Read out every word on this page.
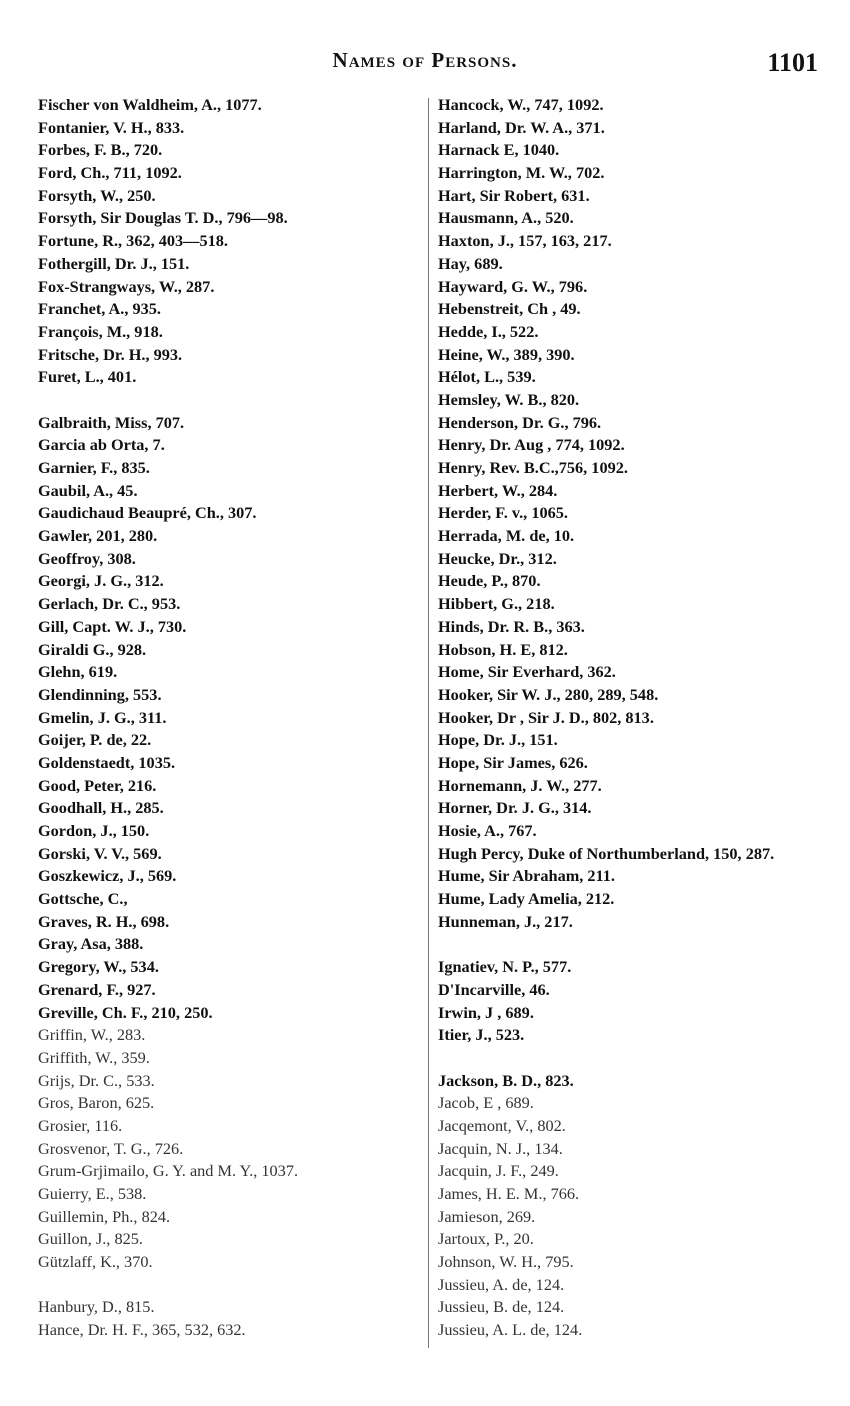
Names of Persons.	1101
Fischer von Waldheim, A., 1077.
Fontanier, V. H., 833.
Forbes, F. B., 720.
Ford, Ch., 711, 1092.
Forsyth, W., 250.
Forsyth, Sir Douglas T. D., 796—98.
Fortune, R., 362, 403—518.
Fothergill, Dr. J., 151.
Fox-Strangways, W., 287.
Franchet, A., 935.
François, M., 918.
Fritsche, Dr. H., 993.
Furet, L., 401.
Galbraith, Miss, 707.
Garcia ab Orta, 7.
Garnier, F., 835.
Gaubil, A., 45.
Gaudichaud Beaupré, Ch., 307.
Gawler, 201, 280.
Geoffroy, 308.
Georgi, J. G., 312.
Gerlach, Dr. C., 953.
Gill, Capt. W. J., 730.
Giraldi G., 928.
Glehn, 619.
Glendinning, 553.
Gmelin, J. G., 311.
Goijer, P. de, 22.
Goldenstaedt, 1035.
Good, Peter, 216.
Goodhall, H., 285.
Gordon, J., 150.
Gorski, V. V., 569.
Goszkewicz, J., 569.
Gottsche, C.,
Graves, R. H., 698.
Gray, Asa, 388.
Gregory, W., 534.
Grenard, F., 927.
Greville, Ch. F., 210, 250.
Griffin, W., 283.
Griffith, W., 359.
Grijs, Dr. C., 533.
Gros, Baron, 625.
Grosier, 116.
Grosvenor, T. G., 726.
Grum-Grjimailo, G. Y. and M. Y., 1037.
Guierry, E., 538.
Guillemin, Ph., 824.
Guillon, J., 825.
Gützlaff, K., 370.
Hanbury, D., 815.
Hance, Dr. H. F., 365, 532, 632.
Hancock, W., 747, 1092.
Harland, Dr. W. A., 371.
Harnack E, 1040.
Harrington, M. W., 702.
Hart, Sir Robert, 631.
Hausmann, A., 520.
Haxton, J., 157, 163, 217.
Hay, 689.
Hayward, G. W., 796.
Hebenstreit, Ch , 49.
Hedde, I., 522.
Heine, W., 389, 390.
Hélot, L., 539.
Hemsley, W. B., 820.
Henderson, Dr. G., 796.
Henry, Dr. Aug , 774, 1092.
Henry, Rev. B.C.,756, 1092.
Herbert, W., 284.
Herder, F. v., 1065.
Herrada, M. de, 10.
Heucke, Dr., 312.
Heude, P., 870.
Hibbert, G., 218.
Hinds, Dr. R. B., 363.
Hobson, H. E, 812.
Home, Sir Everhard, 362.
Hooker, Sir W. J., 280, 289, 548.
Hooker, Dr , Sir J. D., 802, 813.
Hope, Dr. J., 151.
Hope, Sir James, 626.
Hornemann, J. W., 277.
Horner, Dr. J. G., 314.
Hosie, A., 767.
Hugh Percy, Duke of Northumberland, 150, 287.
Hume, Sir Abraham, 211.
Hume, Lady Amelia, 212.
Hunneman, J., 217.
Ignatiev, N. P., 577.
D'Incarville, 46.
Irwin, J , 689.
Itier, J., 523.
Jackson, B. D., 823.
Jacob, E , 689.
Jacqemont, V., 802.
Jacquin, N. J., 134.
Jacquin, J. F., 249.
James, H. E. M., 766.
Jamieson, 269.
Jartoux, P., 20.
Johnson, W. H., 795.
Jussieu, A. de, 124.
Jussieu, B. de, 124.
Jussieu, A. L. de, 124.
